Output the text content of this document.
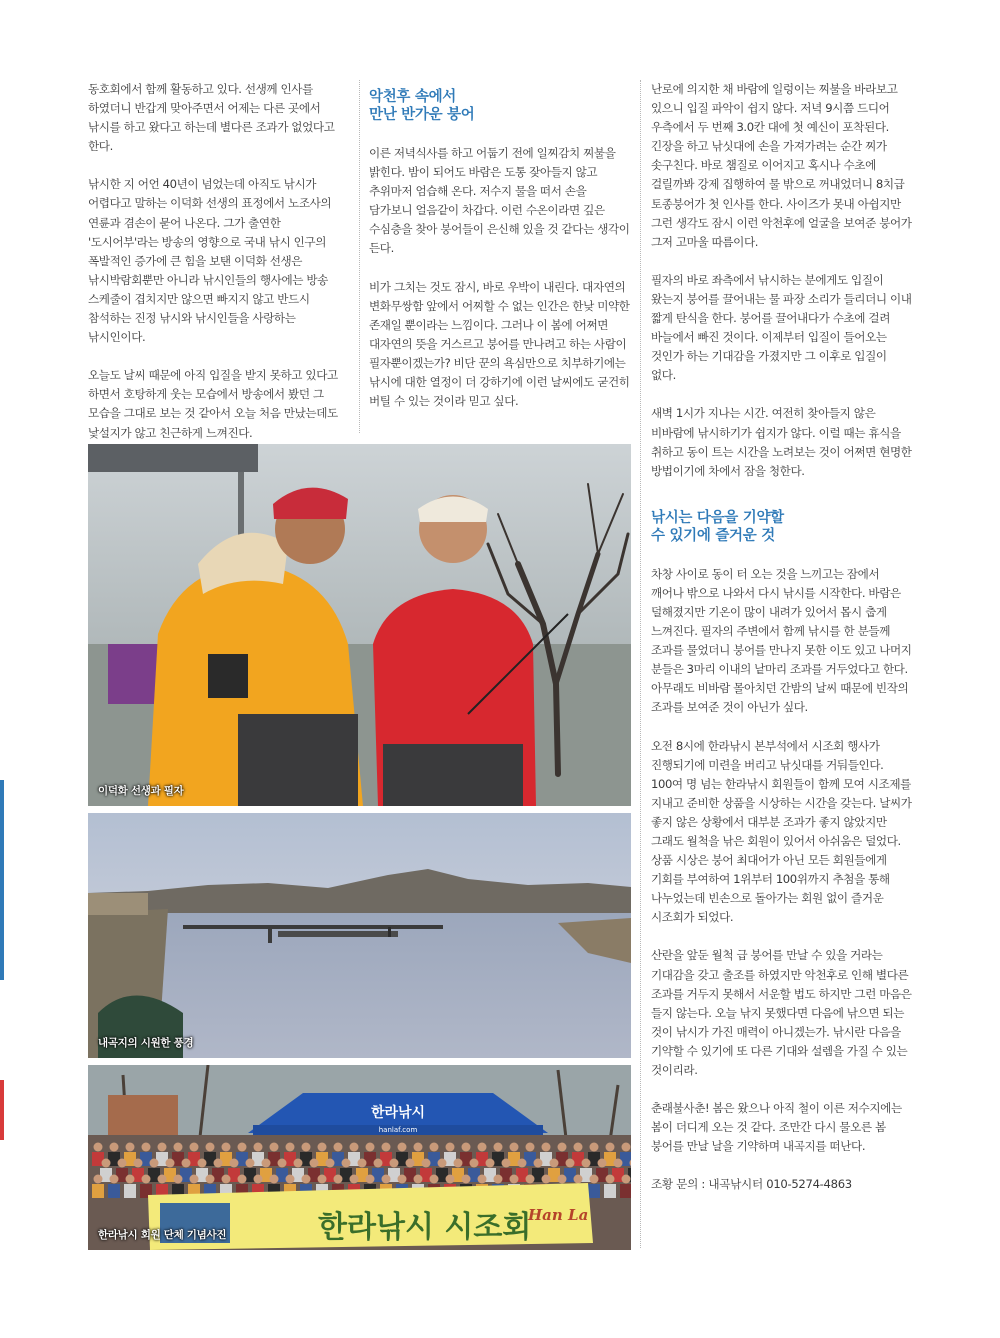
동호회에서 함께 활동하고 있다. 선생께 인사를 하였더니 반갑게 맞아주면서 어제는 다른 곳에서 낚시를 하고 왔다고 하는데 별다른 조과가 없었다고 한다.

낚시한 지 어언 40년이 넘었는데 아직도 낚시가 어렵다고 말하는 이덕화 선생의 표정에서 노조사의 연륜과 겸손이 묻어 나온다. 그가 출연한 '도시어부'라는 방송의 영향으로 국내 낚시 인구의 폭발적인 증가에 큰 힘을 보탠 이덕화 선생은 낚시박람회뿐만 아니라 낚시인들의 행사에는 방송 스케줄이 겹치지만 않으면 빠지지 않고 반드시 참석하는 진정 낚시와 낚시인들을 사랑하는 낚시인이다.

오늘도 날씨 때문에 아직 입질을 받지 못하고 있다고 하면서 호탕하게 웃는 모습에서 방송에서 봤던 그 모습을 그대로 보는 것 같아서 오늘 처음 만났는데도 낯설지가 않고 친근하게 느껴진다.

악천후 속에서
만난 반가운 붕어

이른 저녁식사를 하고 어둡기 전에 일찌감치 찌불을 밝힌다. 밤이 되어도 바람은 도통 잦아들지 않고 추위마저 엄습해 온다. 저수지 물을 떠서 손을 담가보니 얼음같이 차갑다. 이런 수온이라면 깊은 수심층을 찾아 붕어들이 은신해 있을 것 같다는 생각이 든다.

비가 그치는 것도 잠시, 바로 우박이 내린다. 대자연의 변화무쌍함 앞에서 어찌할 수 없는 인간은 한낮 미약한 존재일 뿐이라는 느낌이다. 그러나 이 봄에 어쩌면 대자연의 뜻을 거스르고 붕어를 만나려고 하는 사람이 필자뿐이겠는가? 비단 꾼의 욕심만으로 치부하기에는 낚시에 대한 열정이 더 강하기에 이런 날씨에도 굳건히 버틸 수 있는 것이라 믿고 싶다.

난로에 의지한 채 바람에 일렁이는 찌불을 바라보고 있으니 입질 파악이 쉽지 않다. 저녁 9시쯤 드디어 우측에서 두 번째 3.0칸 대에 첫 예신이 포착된다. 긴장을 하고 낚싯대에 손을 가져가려는 순간 찌가 솟구친다. 바로 챔질로 이어지고 혹시나 수초에 걸릴까봐 강제 집행하여 물 밖으로 꺼내었더니 8치급 토종붕어가 첫 인사를 한다. 사이즈가 못내 아쉽지만 그런 생각도 잠시 이런 악천후에 얼굴을 보여준 붕어가 그저 고마울 따름이다.

필자의 바로 좌측에서 낚시하는 분에게도 입질이 왔는지 붕어를 끌어내는 물 파장 소리가 들리더니 이내 짧게 탄식을 한다. 붕어를 끌어내다가 수초에 걸려 바늘에서 빠진 것이다. 이제부터 입질이 들어오는 것인가 하는 기대감을 가졌지만 그 이후로 입질이 없다.

새벽 1시가 지나는 시간. 여전히 찾아들지 않은 비바람에 낚시하기가 쉽지가 않다. 이럴 때는 휴식을 취하고 동이 트는 시간을 노려보는 것이 어쩌면 현명한 방법이기에 차에서 잠을 청한다.

낚시는 다음을 기약할
수 있기에 즐거운 것

차창 사이로 동이 터 오는 것을 느끼고는 잠에서 깨어나 밖으로 나와서 다시 낚시를 시작한다. 바람은 덜해졌지만 기온이 많이 내려가 있어서 몹시 춥게 느껴진다. 필자의 주변에서 함께 낚시를 한 분들께 조과를 물었더니 붕어를 만나지 못한 이도 있고 나머지 분들은 3마리 이내의 낱마리 조과를 거두었다고 한다. 아무래도 비바람 몰아치던 간밤의 날씨 때문에 빈작의 조과를 보여준 것이 아닌가 싶다.

오전 8시에 한라낚시 본부석에서 시조회 행사가 진행되기에 미련을 버리고 낚싯대를 거둬들인다. 100여 명 넘는 한라낚시 회원들이 함께 모여 시조제를 지내고 준비한 상품을 시상하는 시간을 갖는다. 날씨가 좋지 않은 상황에서 대부분 조과가 좋지 않았지만 그래도 월척을 낚은 회원이 있어서 아쉬움은 덜었다. 상품 시상은 붕어 최대어가 아닌 모든 회원들에게 기회를 부여하여 1위부터 100위까지 추첨을 통해 나누었는데 빈손으로 돌아가는 회원 없이 즐거운 시조회가 되었다.

산란을 앞둔 월척 급 붕어를 만날 수 있을 거라는 기대감을 갖고 출조를 하였지만 악천후로 인해 별다른 조과를 거두지 못해서 서운할 법도 하지만 그런 마음은 들지 않는다. 오늘 낚지 못했다면 다음에 낚으면 되는 것이 낚시가 가진 매력이 아니겠는가. 낚시란 다음을 기약할 수 있기에 또 다른 기대와 설렘을 가질 수 있는 것이리라.

춘래불사춘! 봄은 왔으나 아직 철이 이른 저수지에는 봄이 더디게 오는 것 같다. 조만간 다시 물오른 봄 붕어를 만날 날을 기약하며 내곡지를 떠난다.

조황 문의 : 내곡낚시터 010-5274-4863
이덕화 선생과 필자
내곡지의 시원한 풍경
한라낚시
hanlaf.com
한라낚시 시조회
Han La
한라낚시 회원 단체 기념사진
